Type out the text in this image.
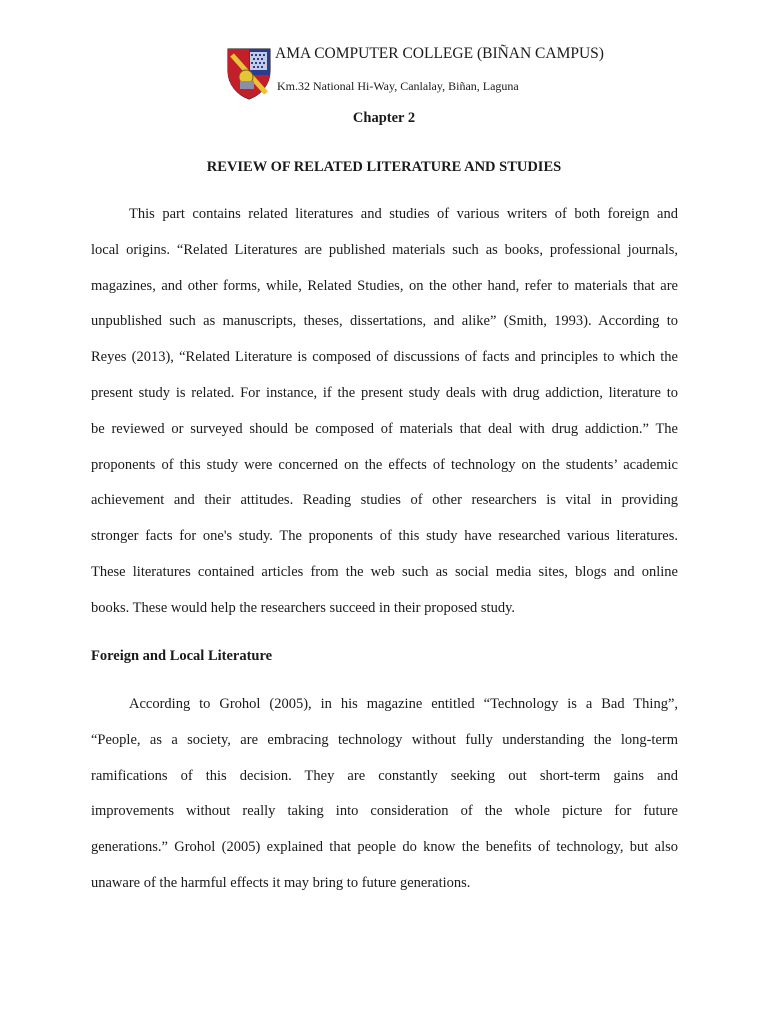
AMA COMPUTER COLLEGE (BIÑAN CAMPUS)
Km.32 National Hi-Way, Canlalay, Biñan, Laguna
Chapter 2
REVIEW OF RELATED LITERATURE AND STUDIES
This part contains related literatures and studies of various writers of both foreign and
local origins. “Related Literatures are published materials such as books, professional journals,
magazines, and other forms, while, Related Studies, on the other hand, refer to materials that are
unpublished such as manuscripts, theses, dissertations, and alike” (Smith, 1993). According to
Reyes (2013), “Related Literature is composed of discussions of facts and principles to which the
present study is related. For instance, if the present study deals with drug addiction, literature to
be reviewed or surveyed should be composed of materials that deal with drug addiction.” The
proponents of this study were concerned on the effects of technology on the students’ academic
achievement and their attitudes. Reading studies of other researchers is vital in providing
stronger facts for one's study. The proponents of this study have researched various literatures.
These literatures contained articles from the web such as social media sites, blogs and online
books. These would help the researchers succeed in their proposed study.
Foreign and Local Literature
According to Grohol (2005), in his magazine entitled “Technology is a Bad Thing”,
“People, as a society, are embracing technology without fully understanding the long-term
ramifications of this decision. They are constantly seeking out short-term gains and
improvements without really taking into consideration of the whole picture for future
generations.” Grohol (2005) explained that people do know the benefits of technology, but also
unaware of the harmful effects it may bring to future generations.
